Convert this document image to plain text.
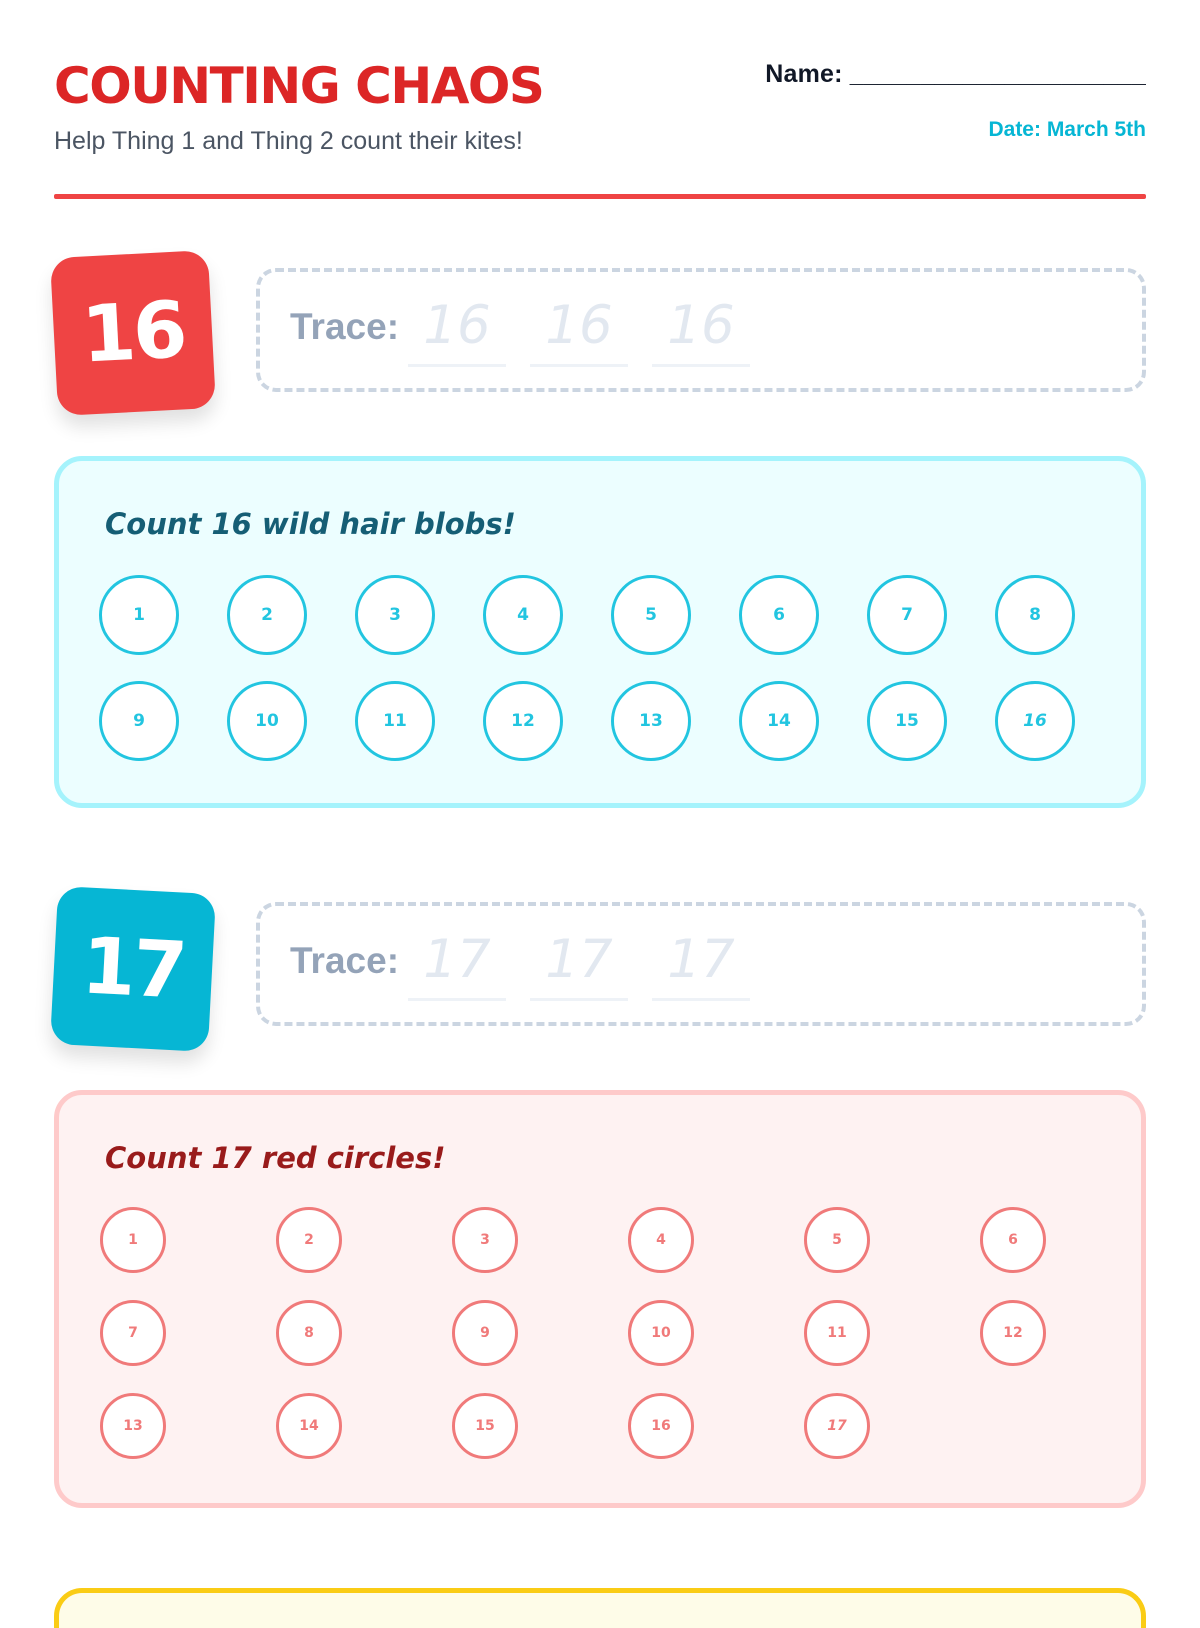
COUNTING CHAOS
Help Thing 1 and Thing 2 count their kites!
Name: _____________________
Date: March 5th
16	Trace: 16 16 16
Count 16 wild hair blobs!
1	2	3	4	5	6	7	8
9	10	11	12	13	14	15	16
17	Trace: 17 17 17
Count 17 red circles!
1	2	3	4	5	6
7	8	9	10	11	12
13	14	15	16	17
